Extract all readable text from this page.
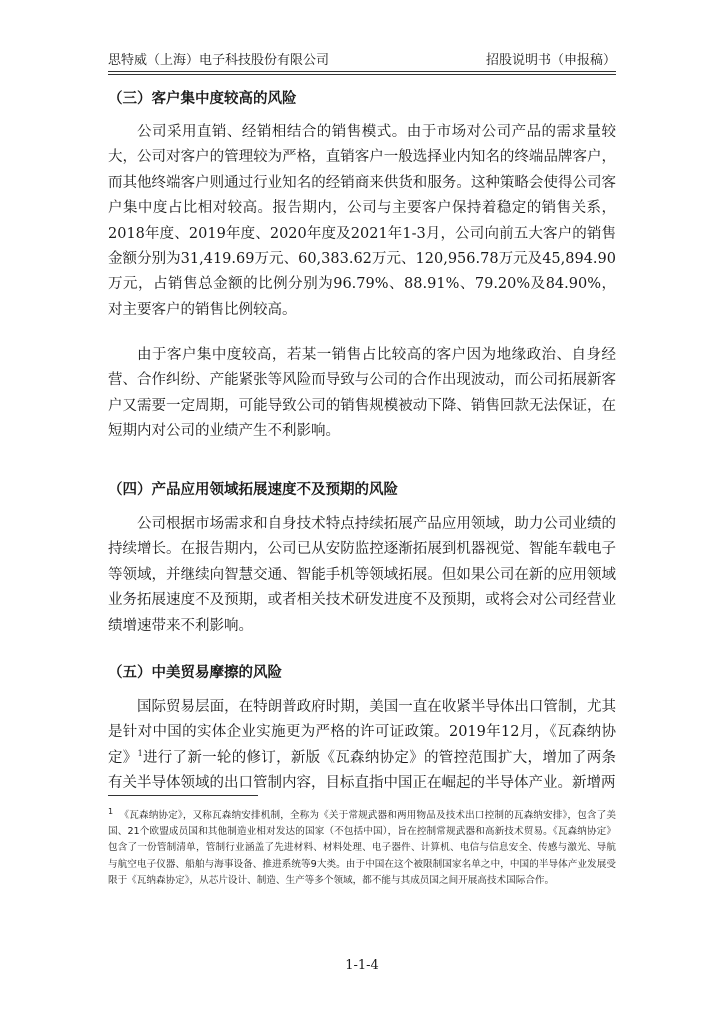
思特威（上海）电子科技股份有限公司	招股说明书（申报稿）
（三）客户集中度较高的风险
公司采用直销、经销相结合的销售模式。由于市场对公司产品的需求量较大，公司对客户的管理较为严格，直销客户一般选择业内知名的终端品牌客户，而其他终端客户则通过行业知名的经销商来供货和服务。这种策略会使得公司客户集中度占比相对较高。报告期内，公司与主要客户保持着稳定的销售关系，2018年度、2019年度、2020年度及2021年1-3月，公司向前五大客户的销售金额分别为31,419.69万元、60,383.62万元、120,956.78万元及45,894.90万元，占销售总金额的比例分别为96.79%、88.91%、79.20%及84.90%，对主要客户的销售比例较高。
由于客户集中度较高，若某一销售占比较高的客户因为地缘政治、自身经营、合作纠纷、产能紧张等风险而导致与公司的合作出现波动，而公司拓展新客户又需要一定周期，可能导致公司的销售规模被动下降、销售回款无法保证，在短期内对公司的业绩产生不利影响。
（四）产品应用领域拓展速度不及预期的风险
公司根据市场需求和自身技术特点持续拓展产品应用领域，助力公司业绩的持续增长。在报告期内，公司已从安防监控逐渐拓展到机器视觉、智能车载电子等领域，并继续向智慧交通、智能手机等领域拓展。但如果公司在新的应用领域业务拓展速度不及预期，或者相关技术研发进度不及预期，或将会对公司经营业绩增速带来不利影响。
（五）中美贸易摩擦的风险
国际贸易层面，在特朗普政府时期，美国一直在收紧半导体出口管制，尤其是针对中国的实体企业实施更为严格的许可证政策。2019年12月，《瓦森纳协定》$^1$进行了新一轮的修订，新版《瓦森纳协定》的管控范围扩大，增加了两条有关半导体领域的出口管制内容，目标直指中国正在崛起的半导体产业。新增两
$^1$ 《瓦森纳协定》，又称瓦森纳安排机制，全称为《关于常规武器和两用物品及技术出口控制的瓦森纳安排》，包含了美国、21个欧盟成员国和其他制造业相对发达的国家（不包括中国），旨在控制常规武器和高新技术贸易。《瓦森纳协定》包含了一份管制清单，管制行业涵盖了先进材料、材料处理、电子器件、计算机、电信与信息安全、传感与激光、导航与航空电子仪器、船舶与海事设备、推进系统等9大类。由于中国在这个被限制国家名单之中，中国的半导体产业发展受限于《瓦纳森协定》，从芯片设计、制造、生产等多个领域，都不能与其成员国之间开展高技术国际合作。
1-1-4
